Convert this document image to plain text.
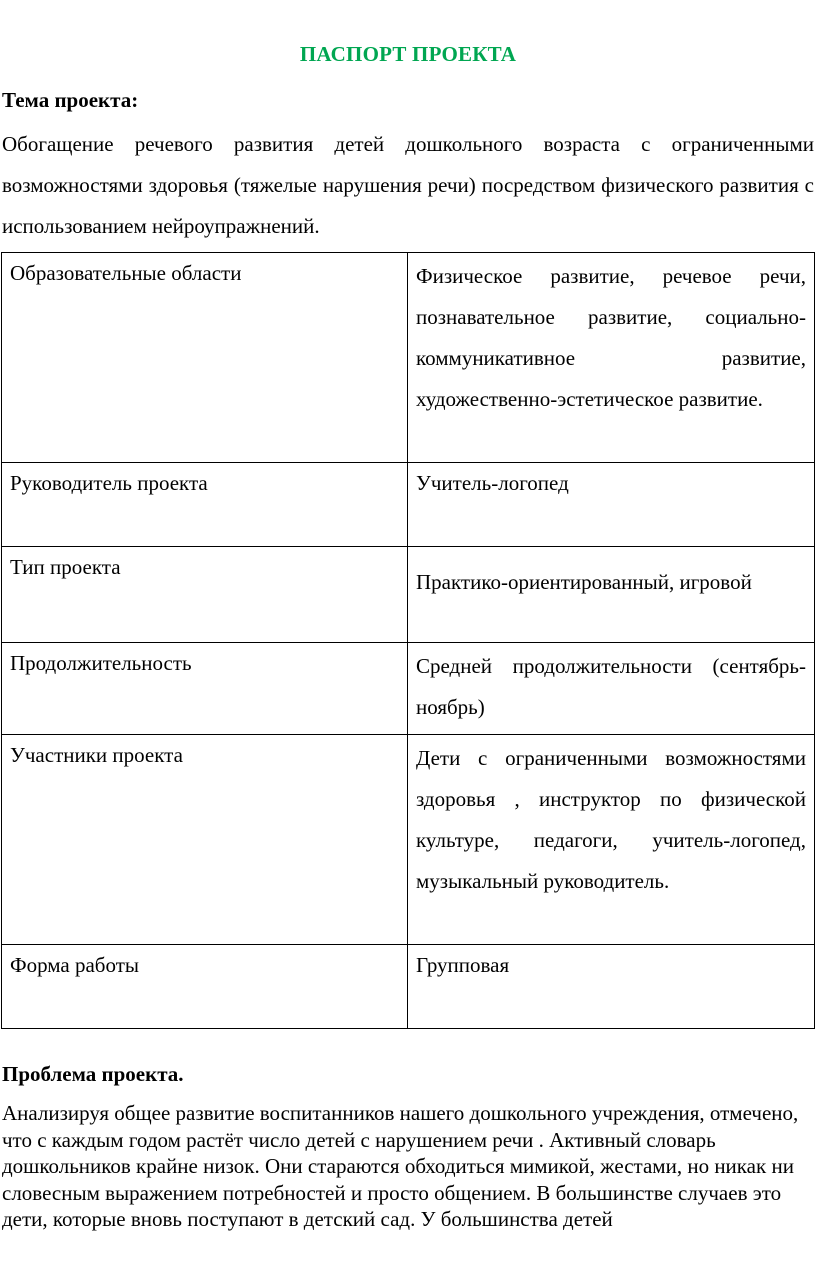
ПАСПОРТ ПРОЕКТА
Тема проекта:
Обогащение речевого развития детей дошкольного возраста с ограниченными возможностями здоровья (тяжелые нарушения речи) посредством физического развития с использованием нейроупражнений.
Образовательные области	Физическое развитие, речевое речи, познавательное развитие, социально-коммуникативное развитие, художественно-эстетическое развитие.

Руководитель проекта	Учитель-логопед

Тип проекта	Практико-ориентированный, игровой

Продолжительность	Средней продолжительности (сентябрь-ноябрь)

Участники проекта	Дети с ограниченными возможностями здоровья , инструктор по физической культуре, педагоги, учитель-логопед, музыкальный руководитель.

Форма работы	Групповая
Проблема проекта.
Анализируя общее развитие воспитанников нашего дошкольного учреждения, отмечено, что с каждым годом растёт число детей с нарушением речи . Активный словарь дошкольников крайне низок. Они стараются обходиться мимикой, жестами, но никак ни словесным выражением потребностей и просто общением. В большинстве случаев это дети, которые вновь поступают в детский сад. У большинства детей
